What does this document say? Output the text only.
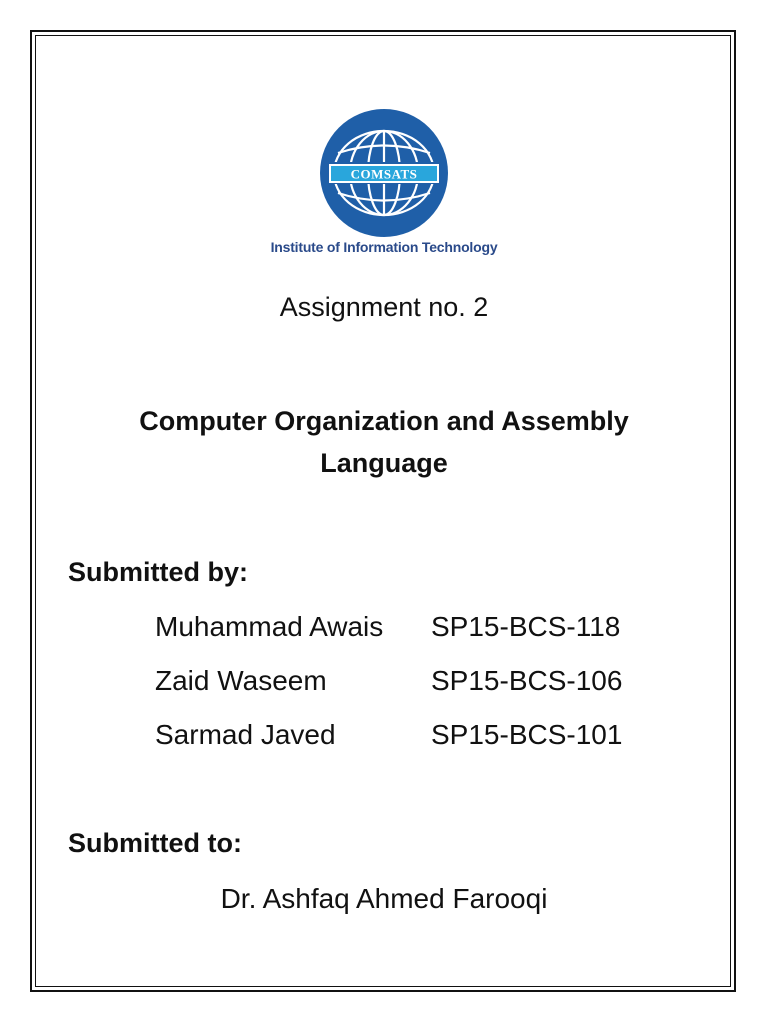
COMSATS
Institute of Information Technology
Assignment no. 2
Computer Organization and Assembly
Language
Submitted by:
Muhammad Awais SP15-BCS-118
Zaid Waseem	SP15-BCS-106
Sarmad Javed	SP15-BCS-101
Submitted to:
Dr. Ashfaq Ahmed Farooqi
